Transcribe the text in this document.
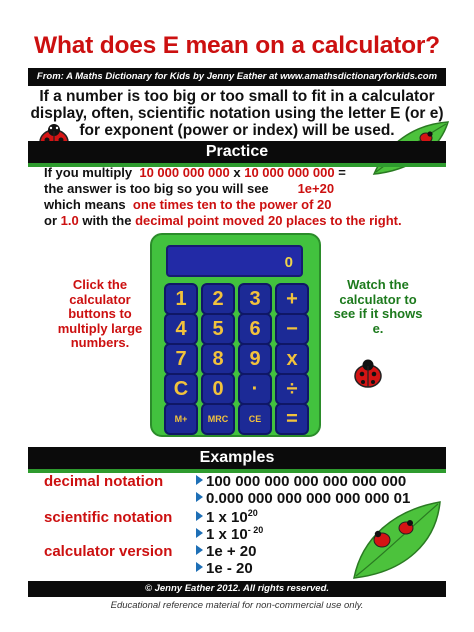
What does E mean on a calculator?
From: A Maths Dictionary for Kids by Jenny Eather at www.amathsdictionaryforkids.com
If a number is too big or too small to fit in a calculator display, often, scientific notation using the letter E (or e) for exponent (power or index) will be used.
Practice
If you multiply 10 000 000 000 x 10 000 000 000 =
the answer is too big so you will see 1e+20
which means one times ten to the power of 20
or 1.0 with the decimal point moved 20 places to the right.
Click the calculator buttons to multiply large numbers.
Watch the calculator to see if it shows e.
0
1	2	3	+
4	5	6	−
7	8	9	x
C	0	·	÷
M+	MRC	CE	=
Examples
decimal notation	100 000 000 000 000 000 000
0.000 000 000 000 000 000 01
scientific notation	1 x $10^{20}$
1 x $10^{- 20}$
calculator version	1e + 20
1e - 20
© Jenny Eather 2012. All rights reserved.
Educational reference material for non-commercial use only.
